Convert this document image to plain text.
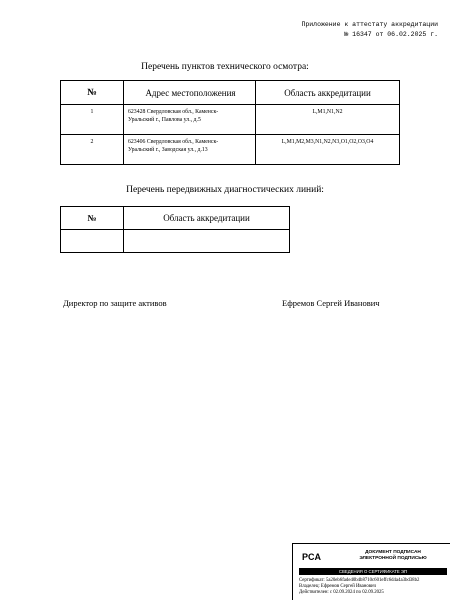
Приложение к аттестату аккредитации
№ 16347 от 06.02.2025 г.
Перечень пунктов технического осмотра:
№	Адрес местоположения	Область аккредитации
1	623428 Свердловская обл., Каменск-
Уральский г., Павлова ул., д.5	L,M1,N1,N2
2	623406 Свердловская обл., Каменск-
Уральский г., Заводская ул., д.13	L,M1,M2,M3,N1,N2,N3,O1,O2,O3,O4
Перечень передвижных диагностических линий:
№	Область аккредитации

Директор по защите активов	Ефремов Сергей Иванович
PCA	ДОКУМЕНТ ПОДПИСАН
ЭЛЕКТРОННОЙ ПОДПИСЬЮ
СВЕДЕНИЯ О СЕРТИФИКАТЕ ЭП
Сертификат: 5a20eb6fade40b4b8710c601effc6d4a4a3bd38b2
Владелец: Ефремов Сергей Иванович
Действителен: с 02.09.2024 по 02.09.2025
